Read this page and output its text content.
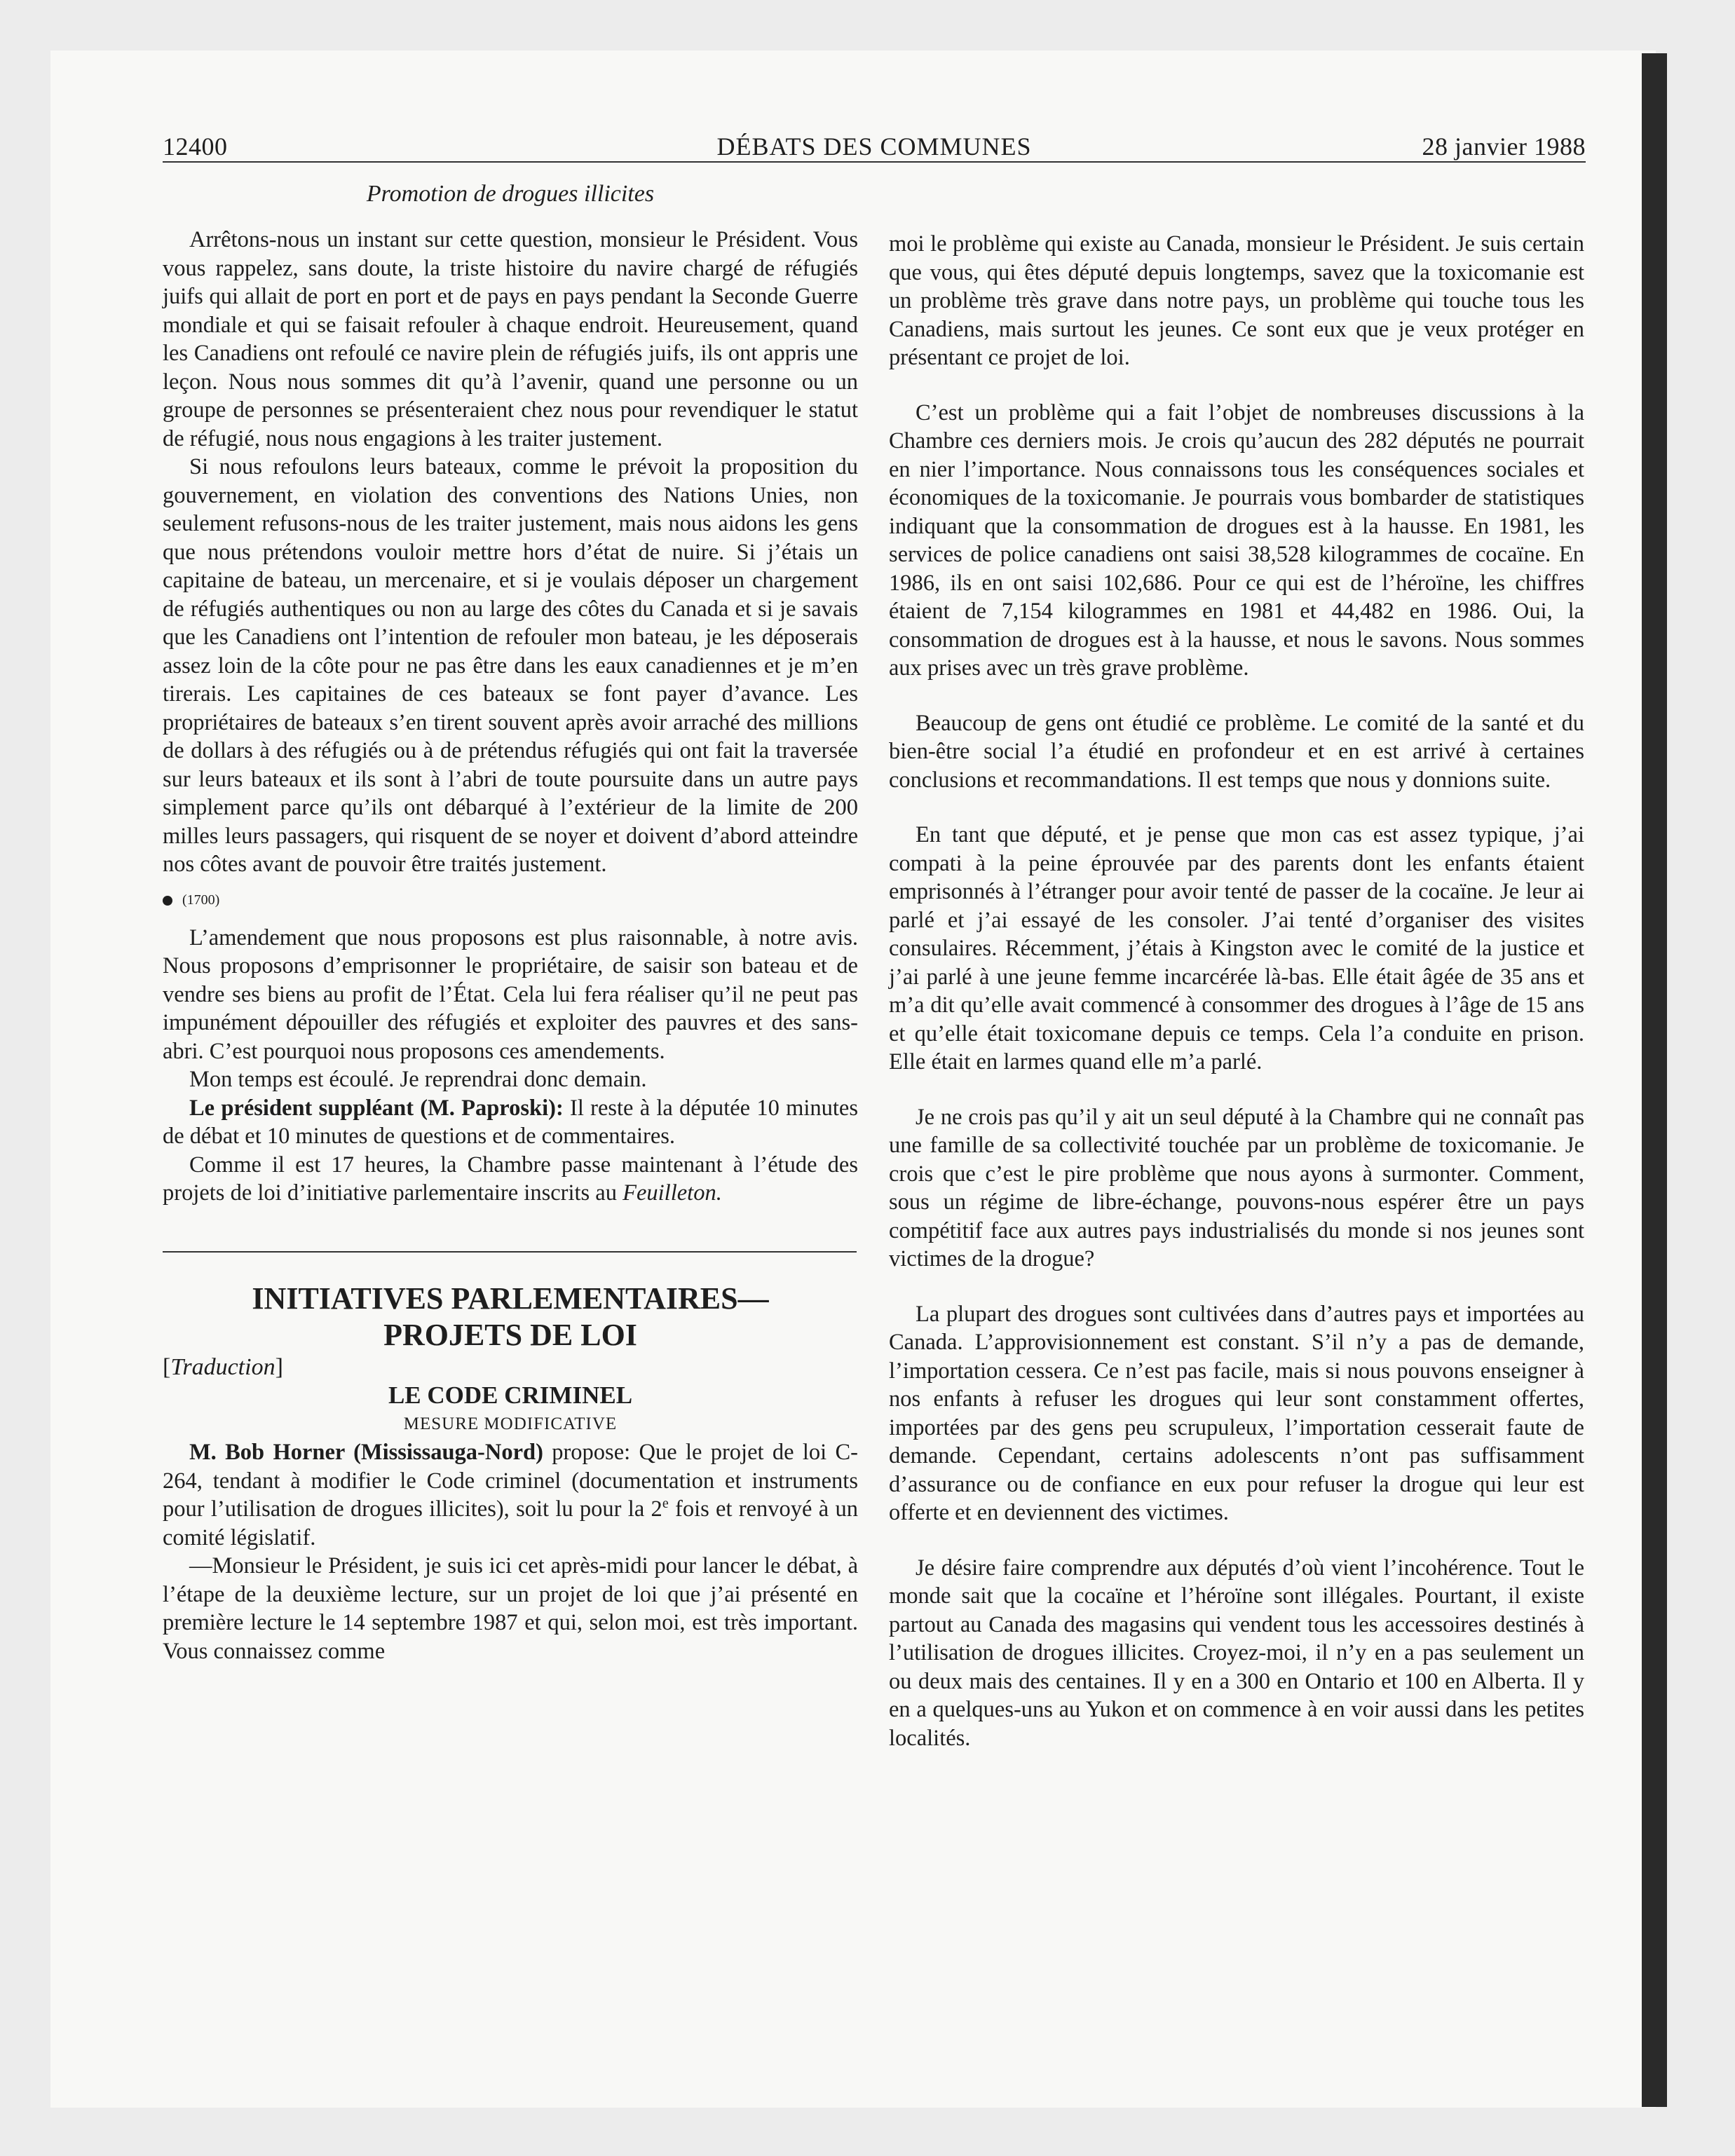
12400	DÉBATS DES COMMUNES	28 janvier 1988
Promotion de drogues illicites

Arrêtons-nous un instant sur cette question, monsieur le Président. Vous vous rappelez, sans doute, la triste histoire du navire chargé de réfugiés juifs qui allait de port en port et de pays en pays pendant la Seconde Guerre mondiale et qui se faisait refouler à chaque endroit. Heureusement, quand les Canadiens ont refoulé ce navire plein de réfugiés juifs, ils ont appris une leçon. Nous nous sommes dit qu’à l’avenir, quand une personne ou un groupe de personnes se présenteraient chez nous pour revendiquer le statut de réfugié, nous nous engagions à les traiter justement.

Si nous refoulons leurs bateaux, comme le prévoit la proposition du gouvernement, en violation des conventions des Nations Unies, non seulement refusons-nous de les traiter justement, mais nous aidons les gens que nous prétendons vouloir mettre hors d’état de nuire. Si j’étais un capitaine de bateau, un mercenaire, et si je voulais déposer un chargement de réfugiés authentiques ou non au large des côtes du Canada et si je savais que les Canadiens ont l’intention de refouler mon bateau, je les déposerais assez loin de la côte pour ne pas être dans les eaux canadiennes et je m’en tirerais. Les capitaines de ces bateaux se font payer d’avance. Les propriétaires de bateaux s’en tirent souvent après avoir arraché des millions de dollars à des réfugiés ou à de prétendus réfugiés qui ont fait la traversée sur leurs bateaux et ils sont à l’abri de toute poursuite dans un autre pays simplement parce qu’ils ont débarqué à l’extérieur de la limite de 200 milles leurs passagers, qui risquent de se noyer et doivent d’abord atteindre nos côtes avant de pouvoir être traités justement.

(1700)

L’amendement que nous proposons est plus raisonnable, à notre avis. Nous proposons d’emprisonner le propriétaire, de saisir son bateau et de vendre ses biens au profit de l’État. Cela lui fera réaliser qu’il ne peut pas impunément dépouiller des réfugiés et exploiter des pauvres et des sans-abri. C’est pourquoi nous proposons ces amendements.

Mon temps est écoulé. Je reprendrai donc demain.

Le président suppléant (M. Paproski): Il reste à la députée 10 minutes de débat et 10 minutes de questions et de commentaires.

Comme il est 17 heures, la Chambre passe maintenant à l’étude des projets de loi d’initiative parlementaire inscrits au Feuilleton.

INITIATIVES PARLEMENTAIRES—
PROJETS DE LOI

[Traduction]

LE CODE CRIMINEL

MESURE MODIFICATIVE

M. Bob Horner (Mississauga-Nord) propose: Que le projet de loi C-264, tendant à modifier le Code criminel (documentation et instruments pour l’utilisation de drogues illicites), soit lu pour la 2e fois et renvoyé à un comité législatif.

—Monsieur le Président, je suis ici cet après-midi pour lancer le débat, à l’étape de la deuxième lecture, sur un projet de loi que j’ai présenté en première lecture le 14 septembre 1987 et qui, selon moi, est très important. Vous connaissez comme

moi le problème qui existe au Canada, monsieur le Président. Je suis certain que vous, qui êtes député depuis longtemps, savez que la toxicomanie est un problème très grave dans notre pays, un problème qui touche tous les Canadiens, mais surtout les jeunes. Ce sont eux que je veux protéger en présentant ce projet de loi.

C’est un problème qui a fait l’objet de nombreuses discussions à la Chambre ces derniers mois. Je crois qu’aucun des 282 députés ne pourrait en nier l’importance. Nous connaissons tous les conséquences sociales et économiques de la toxicomanie. Je pourrais vous bombarder de statistiques indiquant que la consommation de drogues est à la hausse. En 1981, les services de police canadiens ont saisi 38,528 kilogrammes de cocaïne. En 1986, ils en ont saisi 102,686. Pour ce qui est de l’héroïne, les chiffres étaient de 7,154 kilogrammes en 1981 et 44,482 en 1986. Oui, la consommation de drogues est à la hausse, et nous le savons. Nous sommes aux prises avec un très grave problème.

Beaucoup de gens ont étudié ce problème. Le comité de la santé et du bien-être social l’a étudié en profondeur et en est arrivé à certaines conclusions et recommandations. Il est temps que nous y donnions suite.

En tant que député, et je pense que mon cas est assez typique, j’ai compati à la peine éprouvée par des parents dont les enfants étaient emprisonnés à l’étranger pour avoir tenté de passer de la cocaïne. Je leur ai parlé et j’ai essayé de les consoler. J’ai tenté d’organiser des visites consulaires. Récemment, j’étais à Kingston avec le comité de la justice et j’ai parlé à une jeune femme incarcérée là-bas. Elle était âgée de 35 ans et m’a dit qu’elle avait commencé à consommer des drogues à l’âge de 15 ans et qu’elle était toxicomane depuis ce temps. Cela l’a conduite en prison. Elle était en larmes quand elle m’a parlé.

Je ne crois pas qu’il y ait un seul député à la Chambre qui ne connaît pas une famille de sa collectivité touchée par un problème de toxicomanie. Je crois que c’est le pire problème que nous ayons à surmonter. Comment, sous un régime de libre-échange, pouvons-nous espérer être un pays compétitif face aux autres pays industrialisés du monde si nos jeunes sont victimes de la drogue?

La plupart des drogues sont cultivées dans d’autres pays et importées au Canada. L’approvisionnement est constant. S’il n’y a pas de demande, l’importation cessera. Ce n’est pas facile, mais si nous pouvons enseigner à nos enfants à refuser les drogues qui leur sont constamment offertes, importées par des gens peu scrupuleux, l’importation cesserait faute de demande. Cependant, certains adolescents n’ont pas suffisamment d’assurance ou de confiance en eux pour refuser la drogue qui leur est offerte et en deviennent des victimes.

Je désire faire comprendre aux députés d’où vient l’incohérence. Tout le monde sait que la cocaïne et l’héroïne sont illégales. Pourtant, il existe partout au Canada des magasins qui vendent tous les accessoires destinés à l’utilisation de drogues illicites. Croyez-moi, il n’y en a pas seulement un ou deux mais des centaines. Il y en a 300 en Ontario et 100 en Alberta. Il y en a quelques-uns au Yukon et on commence à en voir aussi dans les petites localités.
